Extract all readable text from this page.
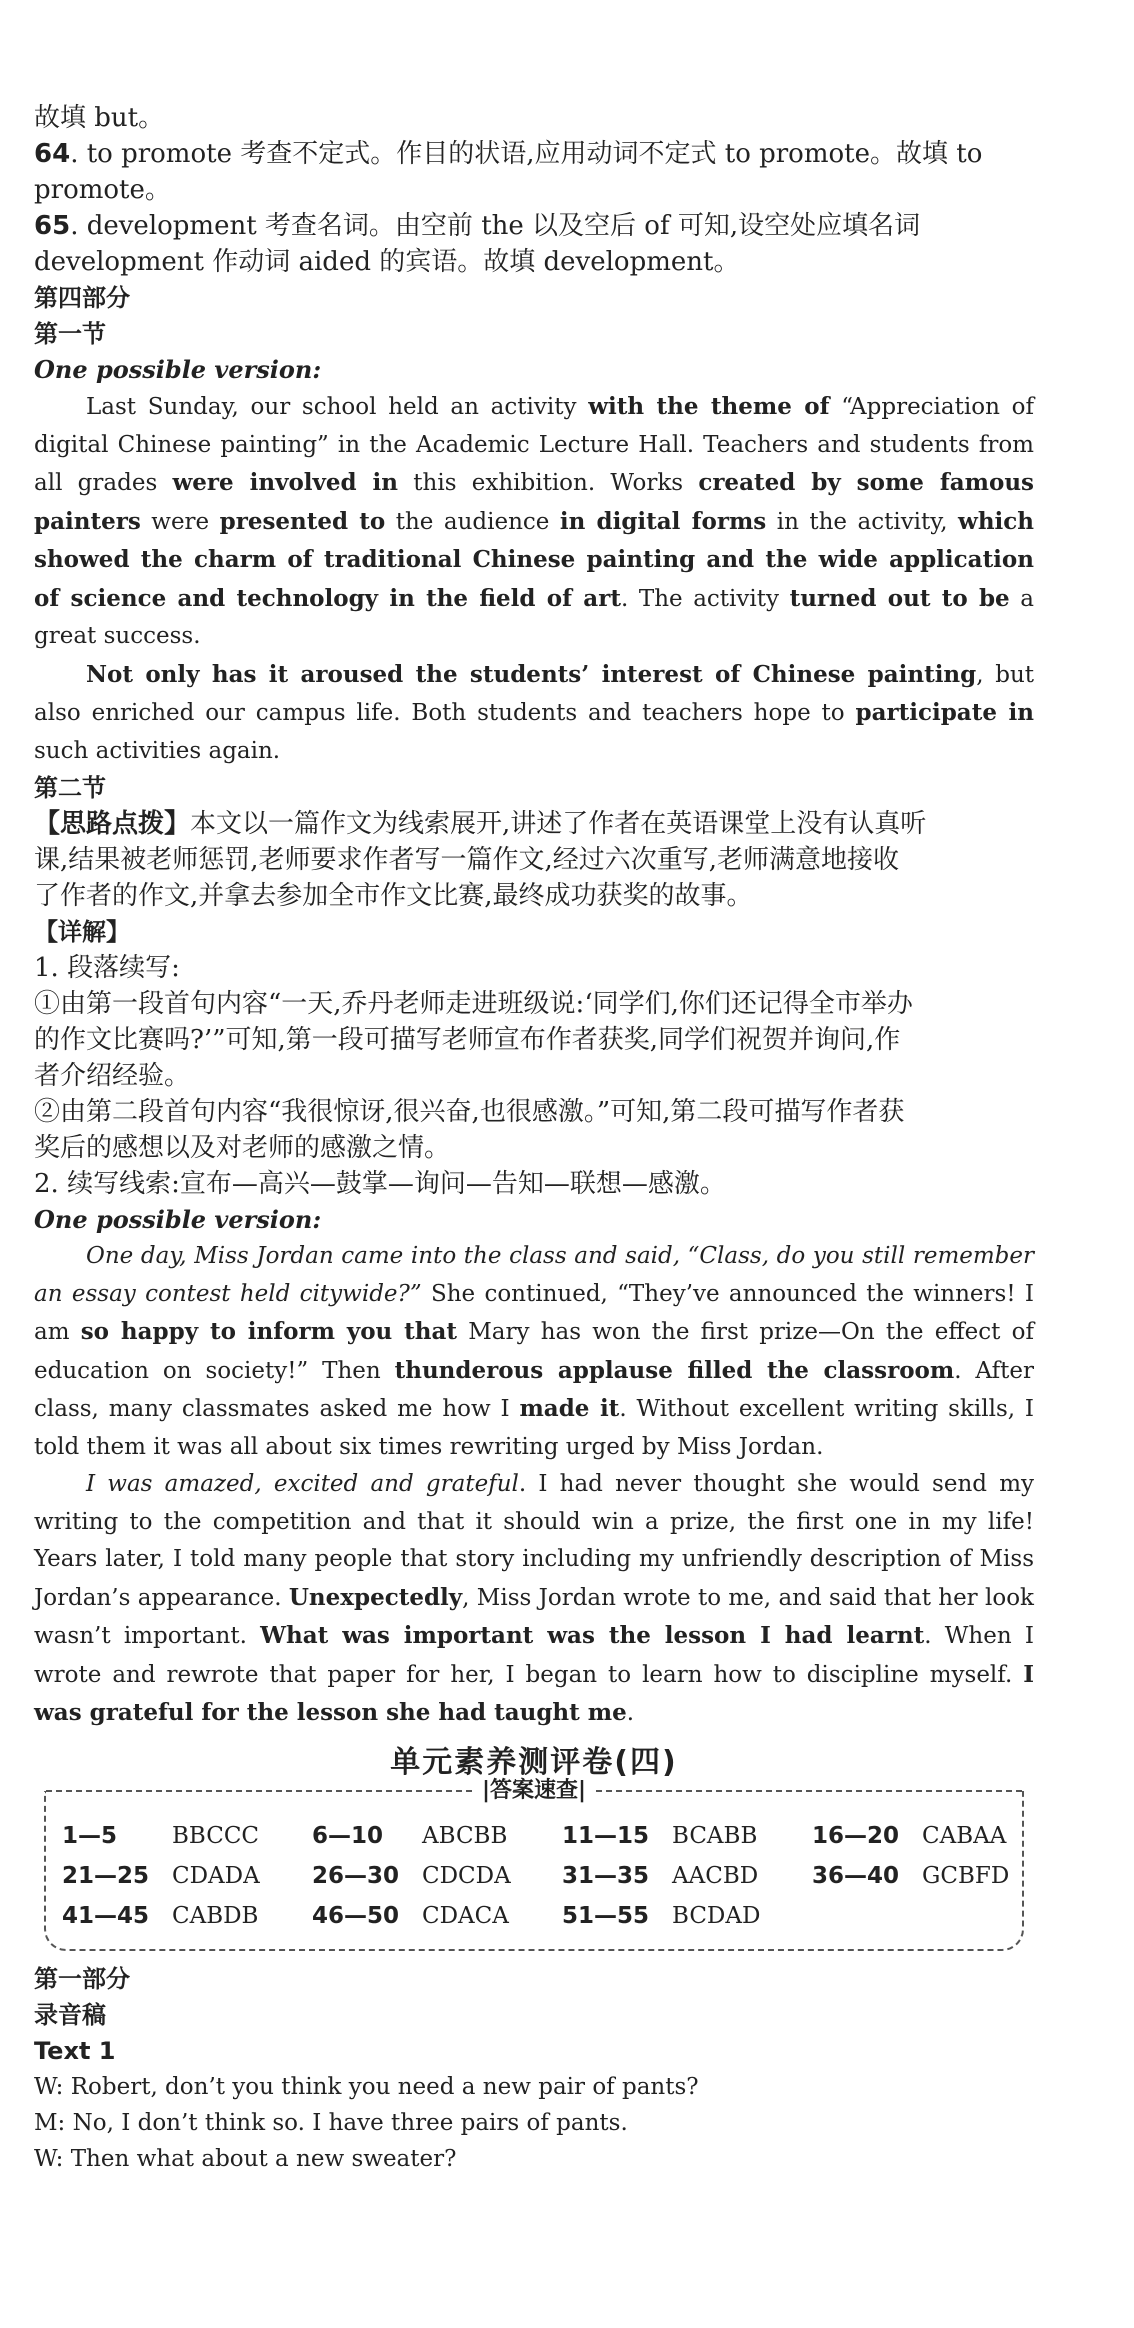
故填 but。
64. to promote 考查不定式。作目的状语,应用动词不定式 to promote。故填 to
promote。
65. development 考查名词。由空前 the 以及空后 of 可知,设空处应填名词
development 作动词 aided 的宾语。故填 development。
第四部分
第一节
One possible version:

Last Sunday, our school held an activity with the theme of “Appreciation of digital Chinese painting” in the Academic Lecture Hall. Teachers and students from all grades were involved in this exhibition. Works created by some famous painters were presented to the audience in digital forms in the activity, which showed the charm of traditional Chinese painting and the wide application of science and technology in the field of art. The activity turned out to be a great success.

Not only has it aroused the students’ interest of Chinese painting, but also enriched our campus life. Both students and teachers hope to participate in such activities again.

第二节
【思路点拨】本文以一篇作文为线索展开,讲述了作者在英语课堂上没有认真听
课,结果被老师惩罚,老师要求作者写一篇作文,经过六次重写,老师满意地接收
了作者的作文,并拿去参加全市作文比赛,最终成功获奖的故事。
【详解】
1. 段落续写:
①由第一段首句内容“一天,乔丹老师走进班级说:‘同学们,你们还记得全市举办
的作文比赛吗?’”可知,第一段可描写老师宣布作者获奖,同学们祝贺并询问,作
者介绍经验。
②由第二段首句内容“我很惊讶,很兴奋,也很感激。”可知,第二段可描写作者获
奖后的感想以及对老师的感激之情。
2. 续写线索:宣布—高兴—鼓掌—询问—告知—联想—感激。
One possible version:

One day, Miss Jordan came into the class and said, “Class, do you still remember an essay contest held citywide?” She continued, “They’ve announced the winners! I am so happy to inform you that Mary has won the first prize—On the effect of education on society!” Then thunderous applause filled the classroom. After class, many classmates asked me how I made it. Without excellent writing skills, I told them it was all about six times rewriting urged by Miss Jordan.

I was amazed, excited and grateful. I had never thought she would send my writing to the competition and that it should win a prize, the first one in my life! Years later, I told many people that story including my unfriendly description of Miss Jordan’s appearance. Unexpectedly, Miss Jordan wrote to me, and said that her look wasn’t important. What was important was the lesson I had learnt. When I wrote and rewrote that paper for her, I began to learn how to discipline myself. I was grateful for the lesson she had taught me.

单元素养测评卷(四)
|答案速查|
1—5 BBCCC 6—10 ABCBB 11—15 BCABB 16—20 CABAA
21—25 CDADA 26—30 CDCDA 31—35 AACBD 36—40 GCBFD
41—45 CABDB 46—50 CDACA 51—55 BCDAD
第一部分
录音稿
Text 1
W: Robert, don’t you think you need a new pair of pants?
M: No, I don’t think so. I have three pairs of pants.
W: Then what about a new sweater?
